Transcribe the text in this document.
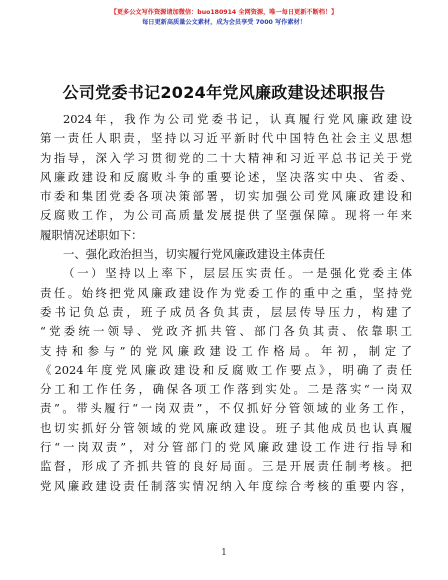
【更多公文写作资源请加微信：buo180914 全网资源，唯一每日更新不断档！】
每日更新高质量公文素材，成为会员享受 7000 写作素材！
公司党委书记2024年党风廉政建设述职报告

2024年，我作为公司党委书记，认真履行党风廉政建设

第一责任人职责，坚持以习近平新时代中国特色社会主义思想

为指导，深入学习贯彻党的二十大精神和习近平总书记关于党

风廉政建设和反腐败斗争的重要论述，坚决落实中央、省委、

市委和集团党委各项决策部署，切实加强公司党风廉政建设和

反腐败工作，为公司高质量发展提供了坚强保障。现将一年来

履职情况述职如下：

一、强化政治担当，切实履行党风廉政建设主体责任

（一）坚持以上率下，层层压实责任。一是强化党委主体

责任。始终把党风廉政建设作为党委工作的重中之重，坚持党

委书记负总责，班子成员各负其责，层层传导压力，构建了

“党委统一领导、党政齐抓共管、部门各负其责、依靠职工

支持和参与”的党风廉政建设工作格局。年初，制定了

《2024年度党风廉政建设和反腐败工作要点》，明确了责任

分工和工作任务，确保各项工作落到实处。二是落实“一岗双

责”。带头履行“一岗双责”，不仅抓好分管领域的业务工作，

也切实抓好分管领域的党风廉政建设。班子其他成员也认真履

行“一岗双责”，对分管部门的党风廉政建设工作进行指导和

监督，形成了齐抓共管的良好局面。三是开展责任制考核。把

党风廉政建设责任制落实情况纳入年度综合考核的重要内容，

1
